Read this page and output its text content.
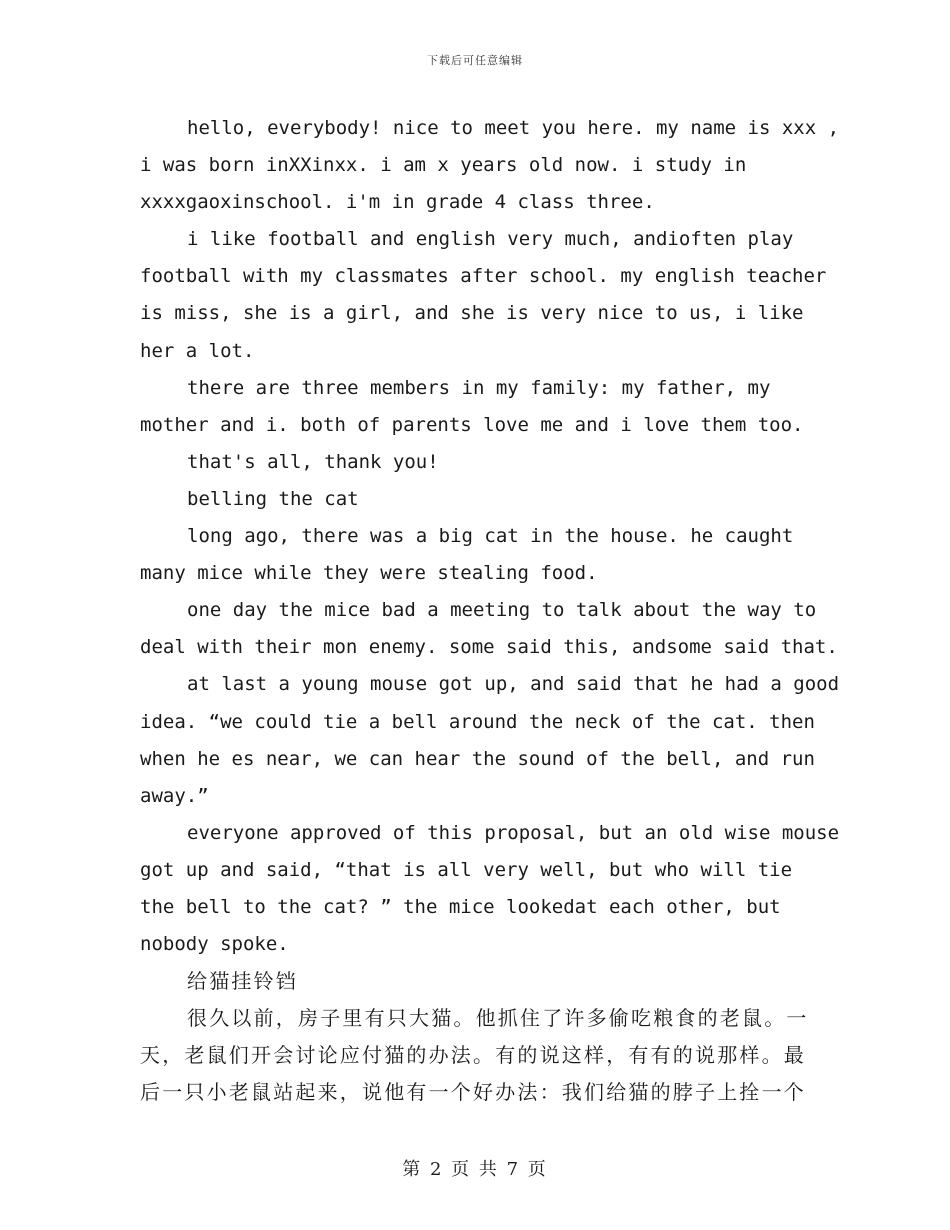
下载后可任意编辑
hello, everybody! nice to meet you here. my name is xxx ,
i was born inXXinxx. i am x years old now. i study in
xxxxgaoxinschool. i'm in grade 4 class three.
i like football and english very much, andioften play
football with my classmates after school. my english teacher
is miss, she is a girl, and she is very nice to us, i like
her a lot.
there are three members in my family: my father, my
mother and i. both of parents love me and i love them too.
that's all, thank you!
belling the cat
long ago, there was a big cat in the house. he caught
many mice while they were stealing food.
one day the mice bad a meeting to talk about the way to
deal with their mon enemy. some said this, andsome said that.
at last a young mouse got up, and said that he had a good
idea. “we could tie a bell around the neck of the cat. then
when he es near, we can hear the sound of the bell, and run
away.”
everyone approved of this proposal, but an old wise mouse
got up and said, “that is all very well, but who will tie
the bell to the cat? ” the mice lookedat each other, but
nobody spoke.
给猫挂铃铛
很久以前，房子里有只大猫。他抓住了许多偷吃粮食的老鼠。一
天，老鼠们开会讨论应付猫的办法。有的说这样，有有的说那样。最
后一只小老鼠站起来，说他有一个好办法：我们给猫的脖子上拴一个
第 2 页 共 7 页
